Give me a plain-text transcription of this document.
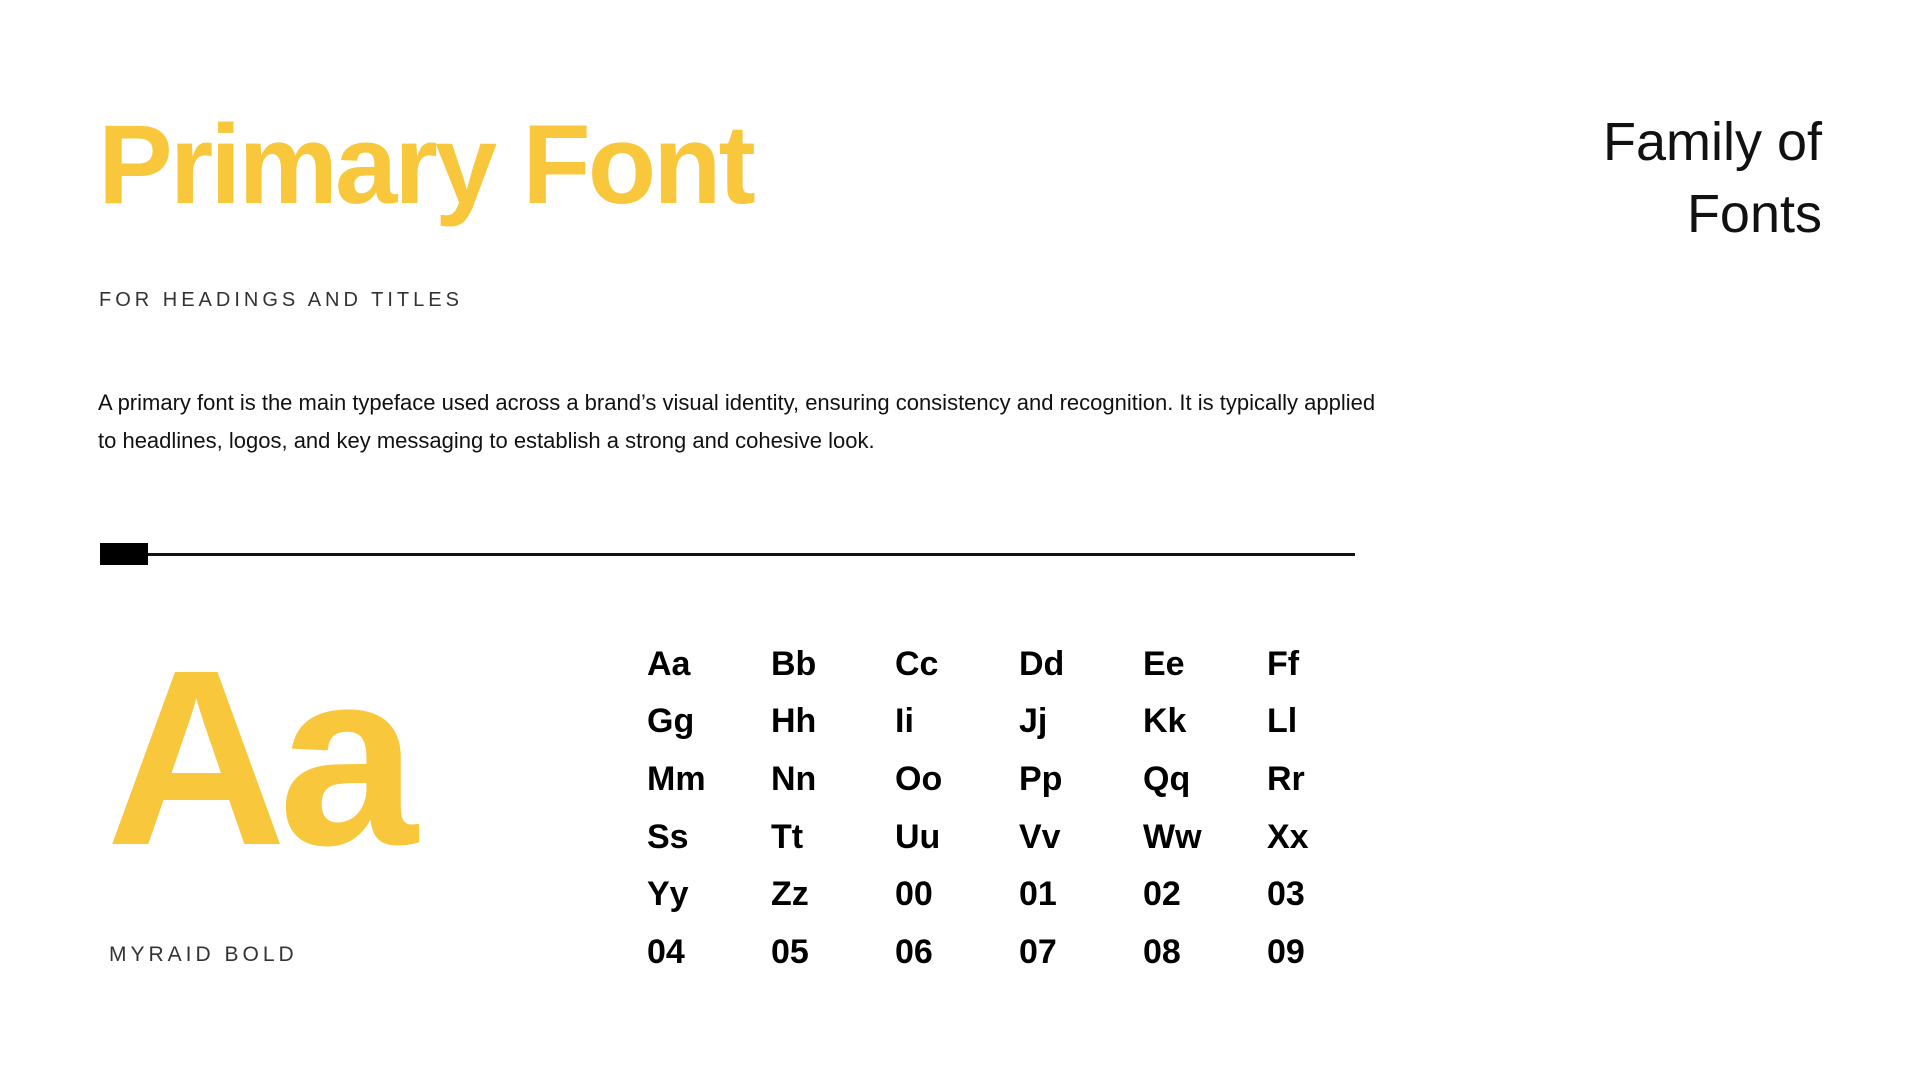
Primary Font	Family of
Fonts
FOR HEADINGS AND TITLES

A primary font is the main typeface used across a brand’s visual identity, ensuring consistency and recognition. It is typically applied to headlines, logos, and key messaging to establish a strong and cohesive look.

Aa
MYRAID BOLD
Aa	Bb	Cc	Dd	Ee	Ff
Gg	Hh	Ii	Jj	Kk	Ll
Mm	Nn	Oo	Pp	Qq	Rr
Ss	Tt	Uu	Vv	Ww	Xx
Yy	Zz	00	01	02	03
04	05	06	07	08	09
